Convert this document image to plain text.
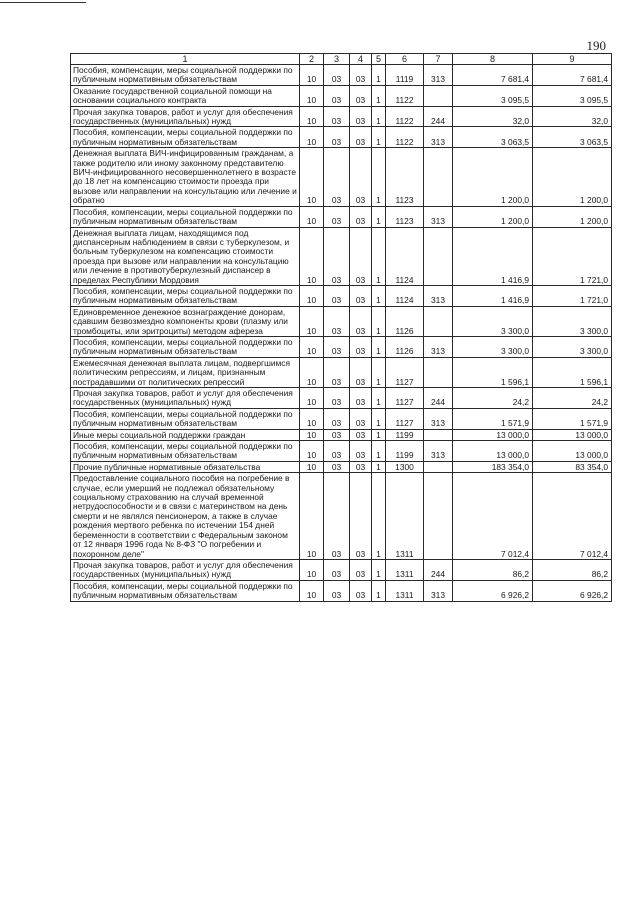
190
1	2	3	4	5	6	7	8	9
Пособия, компенсации, меры социальной поддержки по публичным нормативным обязательствам	10	03	03	1	1119	313	7 681,4	7 681,4
Оказание государственной социальной помощи на основании социального контракта	10	03	03	1	1122		3 095,5	3 095,5
Прочая закупка товаров, работ и услуг для обеспечения государственных (муниципальных) нужд	10	03	03	1	1122	244	32,0	32,0
Пособия, компенсации, меры социальной поддержки по публичным нормативным обязательствам	10	03	03	1	1122	313	3 063,5	3 063,5
Денежная выплата ВИЧ-инфицированным гражданам, а также родителю или иному законному представителю ВИЧ-инфицированного несовершеннолетнего в возрасте до 18 лет на компенсацию стоимости проезда при вызове или направлении на консультацию или лечение и обратно	10	03	03	1	1123		1 200,0	1 200,0
Пособия, компенсации, меры социальной поддержки по публичным нормативным обязательствам	10	03	03	1	1123	313	1 200,0	1 200,0
Денежная выплата лицам, находящимся под диспансерным наблюдением в связи с туберкулезом, и больным туберкулезом на компенсацию стоимости проезда при вызове или направлении на консультацию или лечение в противотуберкулезный диспансер в пределах Республики Мордовия	10	03	03	1	1124		1 416,9	1 721,0
Пособия, компенсации, меры социальной поддержки по публичным нормативным обязательствам	10	03	03	1	1124	313	1 416,9	1 721,0
Единовременное денежное вознаграждение донорам, сдавшим безвозмездно компоненты крови (плазму или тромбоциты, или эритроциты) методом афереза	10	03	03	1	1126		3 300,0	3 300,0
Пособия, компенсации, меры социальной поддержки по публичным нормативным обязательствам	10	03	03	1	1126	313	3 300,0	3 300,0
Ежемесячная денежная выплата лицам, подвергшимся политическим репрессиям, и лицам, признанным пострадавшими от политических репрессий	10	03	03	1	1127		1 596,1	1 596,1
Прочая закупка товаров, работ и услуг для обеспечения государственных (муниципальных) нужд	10	03	03	1	1127	244	24,2	24,2
Пособия, компенсации, меры социальной поддержки по публичным нормативным обязательствам	10	03	03	1	1127	313	1 571,9	1 571,9
Иные меры социальной поддержки граждан	10	03	03	1	1199		13 000,0	13 000,0
Пособия, компенсации, меры социальной поддержки по публичным нормативным обязательствам	10	03	03	1	1199	313	13 000,0	13 000,0
Прочие публичные нормативные обязательства	10	03	03	1	1300		183 354,0	83 354,0
Предоставление социального пособия на погребение в случае, если умерший не подлежал обязательному социальному страхованию на случай временной нетрудоспособности и в связи с материнством на день смерти и не являлся пенсионером, а также в случае рождения мертвого ребенка по истечении 154 дней беременности в соответствии с Федеральным законом от 12 января 1996 года № 8-ФЗ "О погребении и похоронном деле"	10	03	03	1	1311		7 012,4	7 012,4
Прочая закупка товаров, работ и услуг для обеспечения государственных (муниципальных) нужд	10	03	03	1	1311	244	86,2	86,2
Пособия, компенсации, меры социальной поддержки по публичным нормативным обязательствам	10	03	03	1	1311	313	6 926,2	6 926,2
